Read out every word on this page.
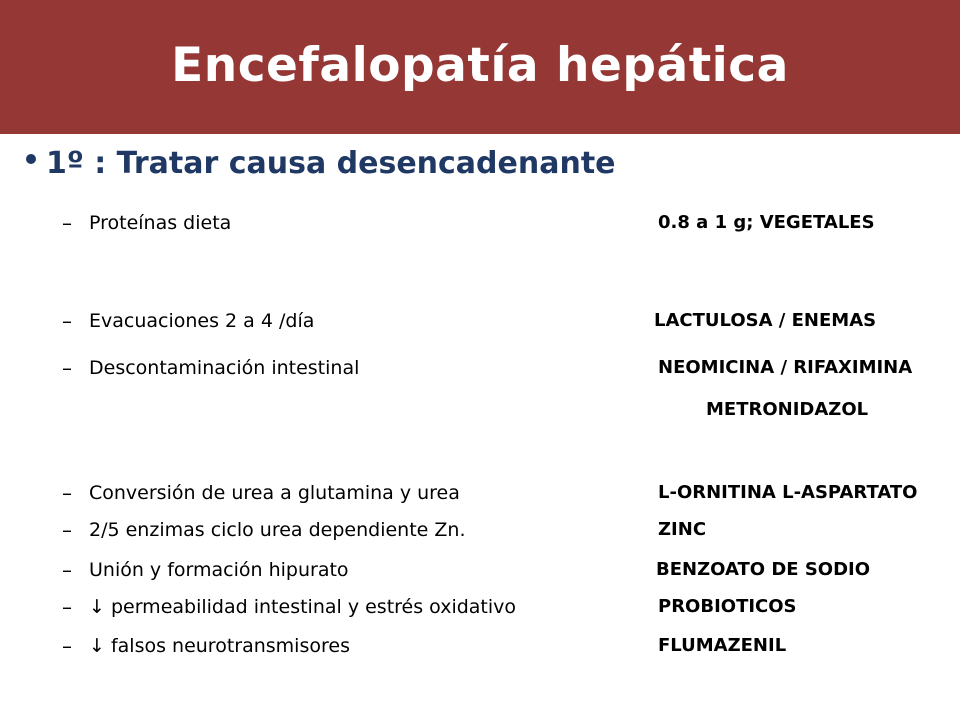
Encefalopatía hepática
1º : Tratar causa desencadenante
– Proteínas dieta	0.8 a 1 g; VEGETALES
– Evacuaciones 2 a 4 /día	LACTULOSA / ENEMAS
– Descontaminación intestinal	NEOMICINA / RIFAXIMINA
METRONIDAZOL
– Conversión de urea a glutamina y urea	L-ORNITINA L-ASPARTATO
– 2/5 enzimas ciclo urea dependiente Zn.	ZINC
– Unión y formación hipurato	BENZOATO DE SODIO
– ↓ permeabilidad intestinal y estrés oxidativo	PROBIOTICOS
– ↓ falsos neurotransmisores	FLUMAZENIL
